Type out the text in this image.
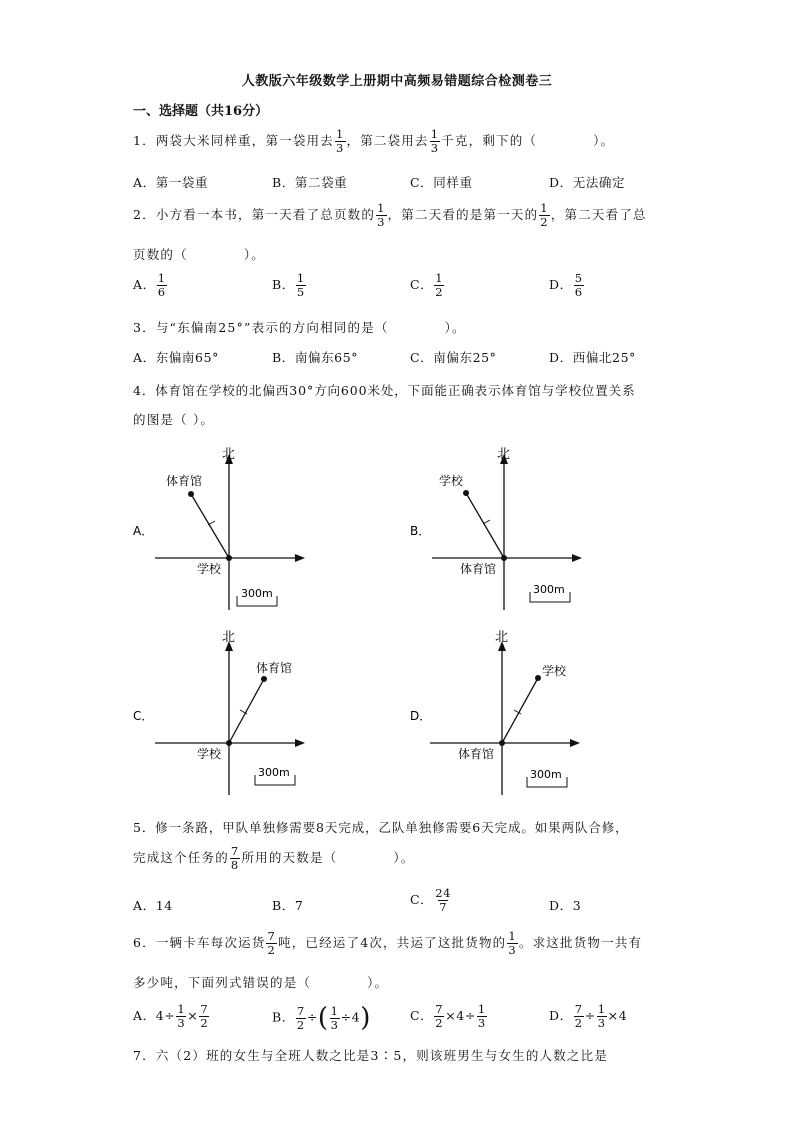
人教版六年级数学上册期中高频易错题综合检测卷三
一、选择题（共16分）
1．两袋大米同样重，第一袋用去 $\frac{1}{3}$ ，第二袋用去 $\frac{1}{3}$ 千克，剩下的（	）。
A．第一袋重	B．第二袋重	C．同样重	D．无法确定
2．小方看一本书，第一天看了总页数的 $\frac{1}{3}$ ，第二天看的是第一天的 $\frac{1}{2}$ ，第二天看了总
页数的（	）。
A． $\frac{1}{6}$	B． $\frac{1}{5}$	C． $\frac{1}{2}$	D． $\frac{5}{6}$
3．与“东偏南25°”表示的方向相同的是（	）。
A．东偏南65°	B．南偏东65°	C．南偏东25°	D．西偏北25°
4．体育馆在学校的北偏西30°方向600米处，下面能正确表示体育馆与学校位置关系
的图是（ ）。
A．
北
体育馆
学校
300m
B．
北
学校
体育馆
300m
C．
北
体育馆
学校
300m
D．
北
学校
体育馆
300m
5．修一条路，甲队单独修需要8天完成，乙队单独修需要6天完成。如果两队合修，
完成这个任务的 $\frac{7}{8}$ 所用的天数是（	）。
A．14	B．7	C． $\frac{24}{7}$	D．3
6．一辆卡车每次运货 $\frac{7}{2}$ 吨，已经运了4次，共运了这批货物的 $\frac{1}{3}$ 。求这批货物一共有
多少吨，下面列式错误的是（	）。
A．$4\div \frac{1}{3} \times \frac{7}{2}$	B． $\frac{7}{2}$ ÷( $\frac{1}{3} \div 4$)	C． $\frac{7}{2} \times 4\div \frac{1}{3}$	D． $\frac{7}{2} \div \frac{1}{3} \times 4$
7．六（2）班的女生与全班人数之比是3∶5，则该班男生与女生的人数之比是
